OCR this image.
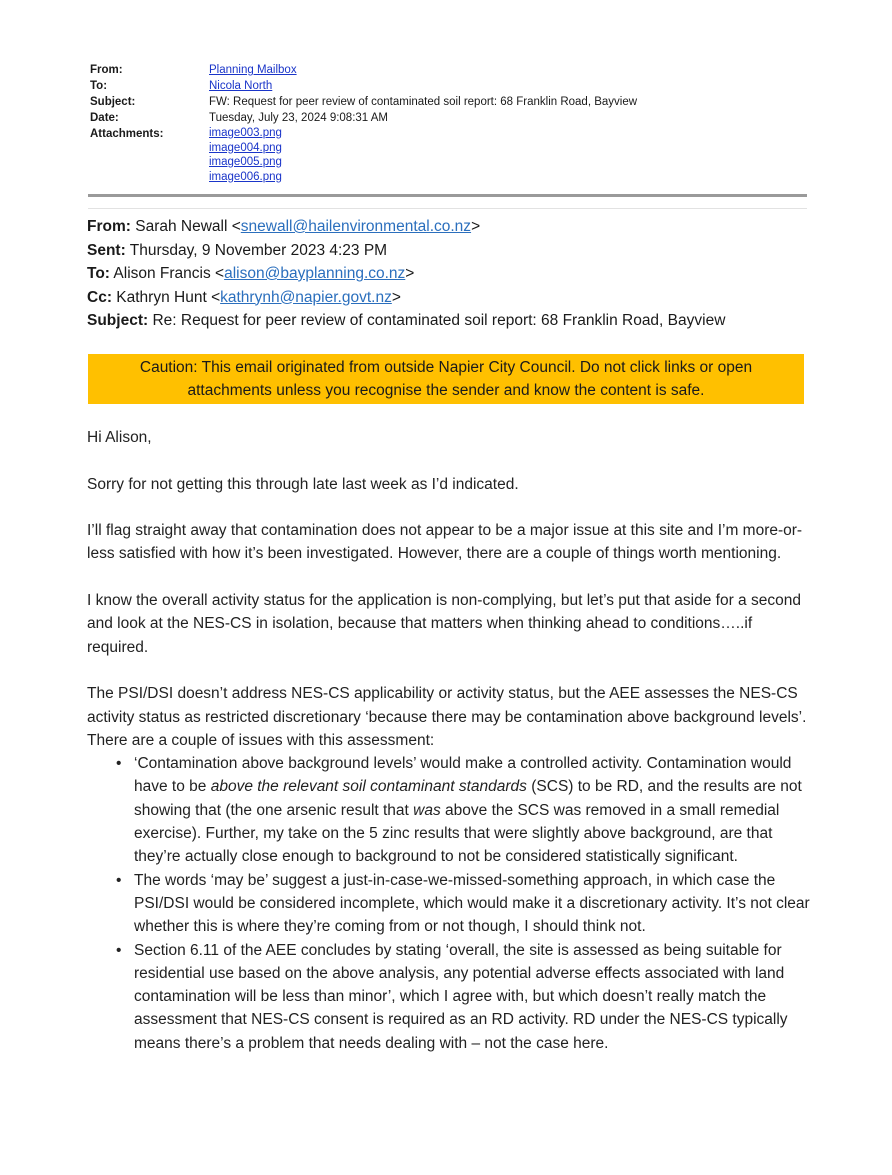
From:	Planning Mailbox
To:	Nicola North
Subject:	FW: Request for peer review of contaminated soil report: 68 Franklin Road, Bayview
Date:	Tuesday, July 23, 2024 9:08:31 AM
Attachments:	image003.png
image004.png
image005.png
image006.png
From: Sarah Newall <snewall@hailenvironmental.co.nz>
Sent: Thursday, 9 November 2023 4:23 PM
To: Alison Francis <alison@bayplanning.co.nz>
Cc: Kathryn Hunt <kathrynh@napier.govt.nz>
Subject: Re: Request for peer review of contaminated soil report: 68 Franklin Road, Bayview
Caution: This email originated from outside Napier City Council. Do not click links or open
attachments unless you recognise the sender and know the content is safe.

Hi Alison,

Sorry for not getting this through late last week as I’d indicated.

I’ll flag straight away that contamination does not appear to be a major issue at this site and I’m more-or-less satisfied with how it’s been investigated. However, there are a couple of things worth mentioning.

I know the overall activity status for the application is non-complying, but let’s put that aside for a second and look at the NES-CS in isolation, because that matters when thinking ahead to conditions…..if required.

The PSI/DSI doesn’t address NES-CS applicability or activity status, but the AEE assesses the NES-CS activity status as restricted discretionary ‘because there may be contamination above background levels’. There are a couple of issues with this assessment:
• ‘Contamination above background levels’ would make a controlled activity. Contamination would have to be above the relevant soil contaminant standards (SCS) to be RD, and the results are not showing that (the one arsenic result that was above the SCS was removed in a small remedial exercise). Further, my take on the 5 zinc results that were slightly above background, are that they’re actually close enough to background to not be considered statistically significant.
• The words ‘may be’ suggest a just-in-case-we-missed-something approach, in which case the PSI/DSI would be considered incomplete, which would make it a discretionary activity. It’s not clear whether this is where they’re coming from or not though, I should think not.
• Section 6.11 of the AEE concludes by stating ‘overall, the site is assessed as being suitable for residential use based on the above analysis, any potential adverse effects associated with land contamination will be less than minor’, which I agree with, but which doesn’t really match the assessment that NES-CS consent is required as an RD activity. RD under the NES-CS typically means there’s a problem that needs dealing with – not the case here.
